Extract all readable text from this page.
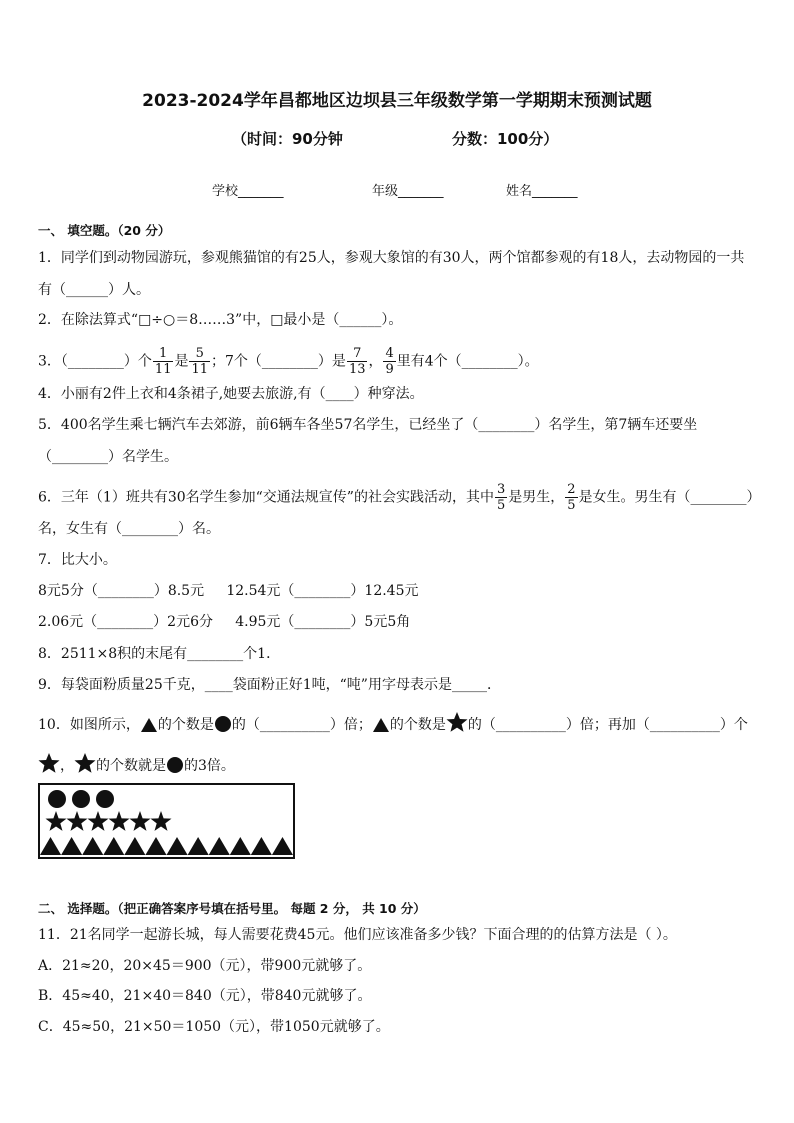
2023-2024学年昌都地区边坝县三年级数学第一学期期末预测试题
（时间：90分钟	分数：100分）
学校_______	年级_______	姓名_______
一、 填空题。（20 分）
1．同学们到动物园游玩，参观熊猫馆的有25人，参观大象馆的有30人，两个馆都参观的有18人，去动物园的一共
有（______）人。
2．在除法算式“□÷○＝8……3”中，□最小是（______）。
3．（________）个 $\frac{1}{11}$ 是 $\frac{5}{11}$ ；7个（________）是 $\frac{7}{13}$ ， $\frac{4}{9}$ 里有4个（________）。
4．小丽有2件上衣和4条裙子,她要去旅游,有（____）种穿法。
5．400名学生乘七辆汽车去郊游，前6辆车各坐57名学生，已经坐了（________）名学生，第7辆车还要坐
（________）名学生。
6．三年（1）班共有30名学生参加“交通法规宣传”的社会实践活动，其中 $\frac{3}{5}$ 是男生， $\frac{2}{5}$ 是女生。男生有（________）
名，女生有（________）名。
7．比大小。
8元5分（________）8.5元     12.54元（________）12.45元
2.06元（________）2元6分     4.95元（________）5元5角
8．2511×8积的末尾有________个1．
9．每袋面粉质量25千克，____袋面粉正好1吨，“吨”用字母表示是_____．
10．如图所示， 的个数是 的（__________）倍； 的个数是 的（__________）倍；再加（__________）个
， 的个数就是 的3倍。
二、 选择题。（把正确答案序号填在括号里。 每题 2 分， 共 10 分）
11．21名同学一起游长城，每人需要花费45元。他们应该准备多少钱？下面合理的的估算方法是（ ）。
A．21≈20，20×45＝900（元），带900元就够了。
B．45≈40，21×40＝840（元），带840元就够了。
C．45≈50，21×50＝1050（元），带1050元就够了。
